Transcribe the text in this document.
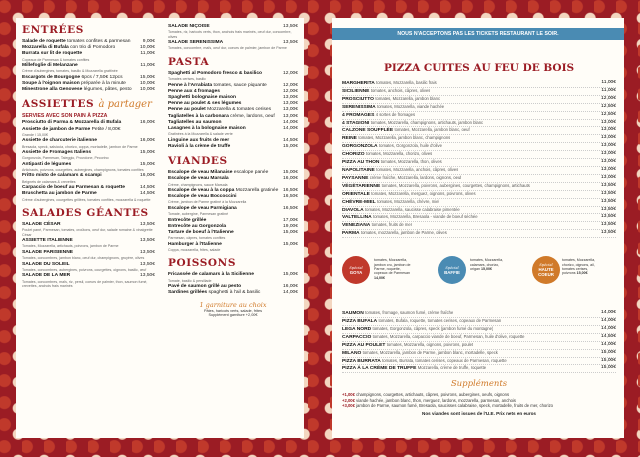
ENTRÉES
Salade de roquette tomates confites & parmesan	9,00€
Mozzarella di Bufala con trio di Pomodoro	10,00€
Burrata sur lit de roquette	11,00€
Copeaux de Parmesan & tomates confites
Millefoglie di Melanzane	11,00€
Crème d'aubergines, tomates, basilic & Mozzarella grattinée
Escargots de Bourgogne 6pcs / 7,50€ 12pcs	15,00€
Soupe à l'oignon maison préparée à la minute	10,00€
Minestrone alla Genovese légumes, pâtes, pesto 10,00€
ASSIETTES à partager
SERVIES AVEC SON PAIN À PIZZA
Prosciutto di Parma & Mozzarella di Bufala	16,00€
Assiette de jambon de Parme Petite / 8,00€
Grande / 15,00€
Assiette de charcuterie italienne	16,00€
Bresaola, speck, salsiccia, chorizo, coppa, mortadelle, jambon de Parme
Assiette de Fromages Italiens	15,00€
Gorgonzola, Parmesan, Taleggio, Provolone, Pecorino
Antipasti de légumes	15,00€
Artichauts, poivrons, courgettes, aubergines, champignons, tomates confites
Fritto misto de calamars & scampi	16,00€
Beignets de calamars & crevettes
Carpaccio de boeuf au Parmesan & roquette	14,50€
Bruschetta au jambon de Parme	14,50€
Crème d'aubergines, courgettes grillées, tomates confites, mozzarella & roquette
SALADES GÉANTES
SALADE CÉSAR	13,50€
Poulet pané, Parmesan, tomates, croûtons, oeuf dur, salade romaine & vinaigrette César
ASSIETTE ITALIENNE	13,50€
Tomates, Mozzarella, artichauts, poivrons, jambon de Parme
SALADE PARISIENNE	13,50€
Tomates, concombres, jambon blanc, oeuf dur, champignons, gruyère, olives
SALADE DU SOLEIL	13,50€
Tomates, concombres, aubergines, poivrons, courgettes, oignons, basilic, œuf
SALADE DE LA MER	13,50€
Tomates, concombres, maïs, riz, persil, coeurs de palmier, thon, saumon fumé, crevettes, anchois frais marinés
SALADE NIÇOISE	13,50€
Tomates, riz, haricots verts, thon, anchois frais marinés, oeuf dur, concombre, olives
SALADE SERENISSIMA	13,50€
Tomates, concombre, maïs, oeuf dur, coeurs de palmier, jambon de Parme
PASTA
Spaghetti al Pomodoro fresco & basilico	12,00€
Tomates cerises, basilic
Penne à l'Arrabiata tomates, sauce piquante	12,00€
Penne aux 4 fromages	12,00€
Spaghetti bolognaise maison	13,00€
Penne au poulet & ses légumes	13,00€
Penne au poulet Mozzarella & tomates cerises 13,00€
Tagliatelles à la carbonara crème, lardons, oeuf 13,00€
Tagliatelles au saumon	14,00€
Lasagnes à la bolognaise maison	14,00€
Gratinées à la Mozzarella & salade verte
Linguine aux fruits de mer	14,50€
Ravioli à la crème de truffe	15,00€
VIANDES
Escalope de veau Milanaise escalope panée	15,00€
Escalope de veau Marsala	16,00€
Crème, champignons, sauce Marsala
Escalope de veau à la coppa Mozzarella gratinée 16,50€
Escalope de veau Boccoccini	16,50€
Crème, jambon de Parme gratiné à la Mozzarella
Escalope de veau Parmigiana	16,50€
Tomate, aubergine, Parmesan gratiné
Entrecôte grillée	17,00€
Entrecôte au Gorgonzola	19,00€
Tartare de boeuf à l'Italienne	15,00€
Parmesan, câpres, tomates confites
Hamburger à l'Italienne	15,00€
Coppa, mozzarella, frites, salade
POISSONS
Fricassée de calamars à la Sicilienne	15,00€
Tomate, basilic & persillade
Pavé de saumon grillé au pesto	16,00€
Sardines grillées spaghetti à l'ail & basilic	14,00€
1 garniture au choix
Pâtes, haricots verts, salade, frites
Supplément garniture +2,00€
NOUS N'ACCEPTONS PAS LES TICKETS RESTAURANT LE SOIR.
PIZZA CUITES AU FEU DE BOIS
MARGHERITA tomates, Mozzarella, basilic frais	11,00€
SICILIENNE tomates, anchois, câpres, olives	11,00€
PROSCIUTTO tomates, Mozzarella, jambon blanc	12,00€
SERENISSIMA tomates, Mozzarella, viande hachée	12,50€
4 FROMAGES 4 sortes de fromages	12,50€
4 STAGIONI tomates, Mozzarella, champignons, artichauts, jambon blanc	13,00€
CALZONE SOUFFLÉE tomates, Mozzarella, jambon blanc, oeuf	13,00€
REINE tomates, Mozzarella, jambon blanc, champignons	13,00€
GORGONZOLA tomates, Gorgonzola, huile d'olive	13,00€
CHORIZO tomates, Mozzarella, chorizo, olives	13,00€
PIZZA AU THON tomates, Mozzarella, thon, olives	13,00€
NAPOLITAINE tomates, Mozzarella, anchois, câpres, olives	13,00€
PAYSANNE crème fraîche, Mozzarella, lardons, oignons, oeuf	13,00€
VÉGÉTARIENNE tomates, Mozzarella, poivrons, aubergines, courgettes, champignons, artichauts	13,50€
ORIENTALE tomates, Mozzarella, merguez, oignons, poivrons, olives	13,50€
CHÈVRE-MIEL tomates, Mozzarella, chèvre, miel	13,50€
DIAVOLA tomates, Mozzarella, saucisse calabraise pimentée	13,50€
VALTELLINA tomates, Mozzarella, Bresaola - viande de boeuf séchée	13,50€
VENEZIANA tomates, fruits de mer	13,50€
PARMA tomates, mozzarella, jambon de Parme, olives	13,50€
Spécial
GOYA
tomates, Mozzarella, jambon cru, jambon de Parme, roquette, copeaux de Parmesan 14,00€
Spécial
BAFFIE
tomates, Mozzarella, calamars, chorizo, origan 15,00€
Spécial
HAUTE COEUR
tomates, Mozzarella, chorizo, oignons, ail, tomates cerises, poivrons 15,00€
SAUMON tomates, fromage, saumon fumé, crème fraîche	14,00€
PIZZA BUFALA tomates, Bufala, roquette, tomates cerises, copeaux de Parmesan	14,00€
LEGA NORD tomates, Gorgonzola, câpres, speck (jambon fumé du montagne)	14,00€
CARPACCIO tomates, Mozzarella, carpaccio viande de boeuf, Parmesan, huile d'olive, roquette	14,50€
PIZZA AU POULET tomates, Mozzarella, oignons, poivrons, poulet	14,00€
MILANO tomates, Mozzarella, jambon de Parme, jambon blanc, mortadelle, speck	15,00€
PIZZA BURRATA tomates, Burrata, tomates cerises, copeaux de Parmesan, roquette	15,00€
PIZZA À LA CRÈME DE TRUFFE Mozzarella, crème de truffe, roquette	15,00€
Suppléments
+1,00€ champignons, courgettes, artichauts, câpres, poivrons, aubergines, oeufs, oignons
+2,00€ viande hachée, jambon blanc, thon, merguez, lardons, mozzarella, parmesan, anchois
+3,00€ jambon de Parme, saumon fumé, Bresaola, saucisses calabraise, speck, mortadelle, fruits de mer, chorizo
Nos viandes sont issues de l'U.E. Prix nets en euros
